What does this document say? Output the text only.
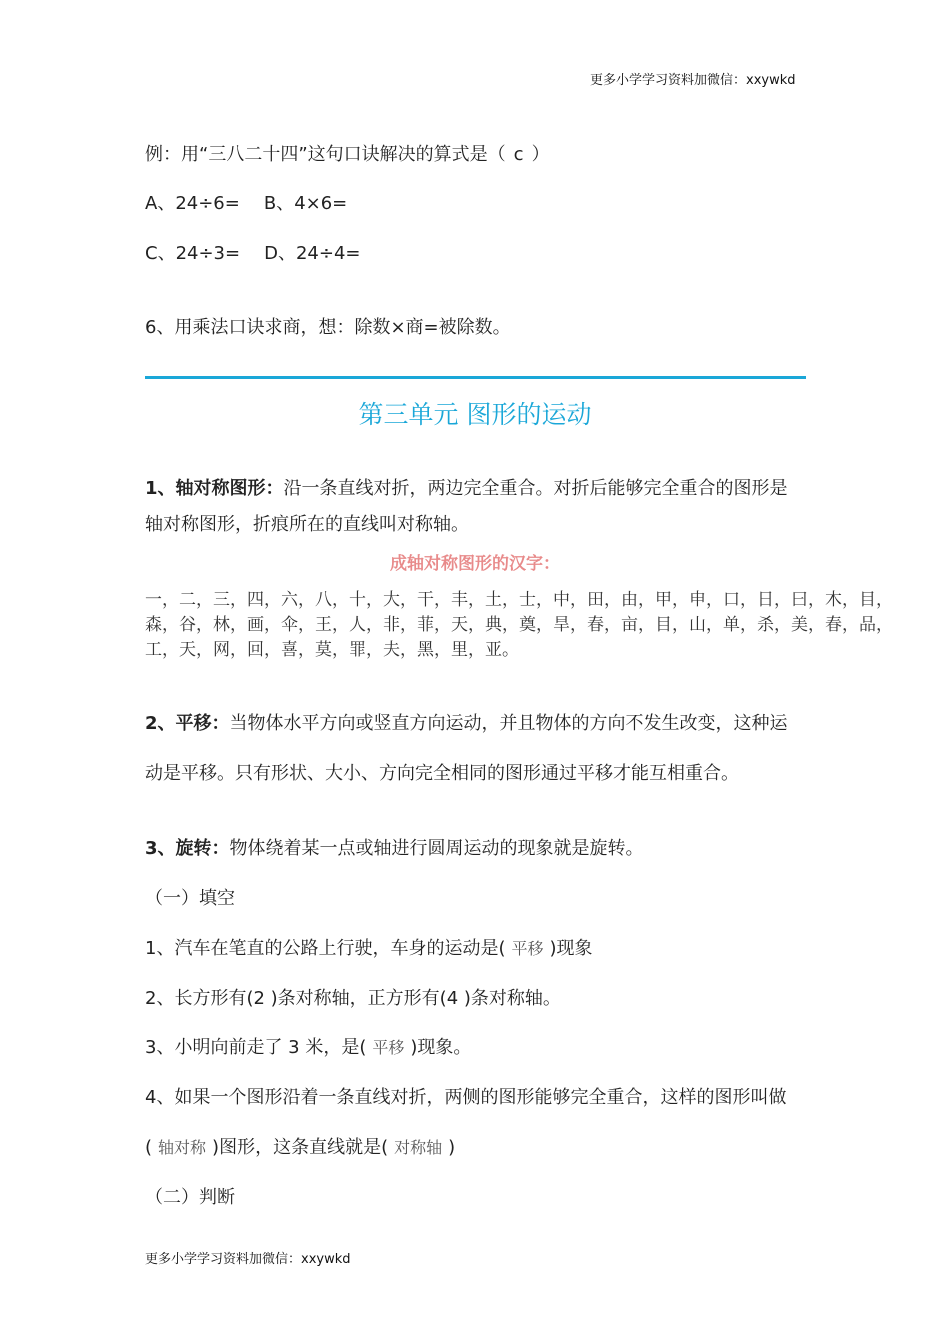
更多小学学习资料加微信：xxywkd
例：用“三八二十四”这句口诀解决的算式是（ c ）
A、24÷6= B、4×6=
C、24÷3= D、24÷4=
6、用乘法口诀求商，想：除数×商=被除数。
第三单元 图形的运动
1、轴对称图形：沿一条直线对折，两边完全重合。对折后能够完全重合的图形是
轴对称图形，折痕所在的直线叫对称轴。
成轴对称图形的汉字：
一，二，三，四，六，八，十，大，干，丰，土，士，中，田，由，甲，申，口，日，曰，木，目，
森，谷，林，画，伞，王，人，非，菲，天，典，奠，旱，春，亩，目，山，单，杀，美，春，品，
工，天，网，回，喜，莫，罪，夫，黑，里，亚。
2、平移：当物体水平方向或竖直方向运动，并且物体的方向不发生改变，这种运
动是平移。只有形状、大小、方向完全相同的图形通过平移才能互相重合。
3、旋转：物体绕着某一点或轴进行圆周运动的现象就是旋转。
（一）填空
1、汽车在笔直的公路上行驶，车身的运动是( 平移 )现象
2、长方形有(2 )条对称轴，正方形有(4 )条对称轴。
3、小明向前走了 3 米，是( 平移 )现象。
4、如果一个图形沿着一条直线对折，两侧的图形能够完全重合，这样的图形叫做
( 轴对称 )图形，这条直线就是( 对称轴 )
（二）判断
更多小学学习资料加微信：xxywkd
